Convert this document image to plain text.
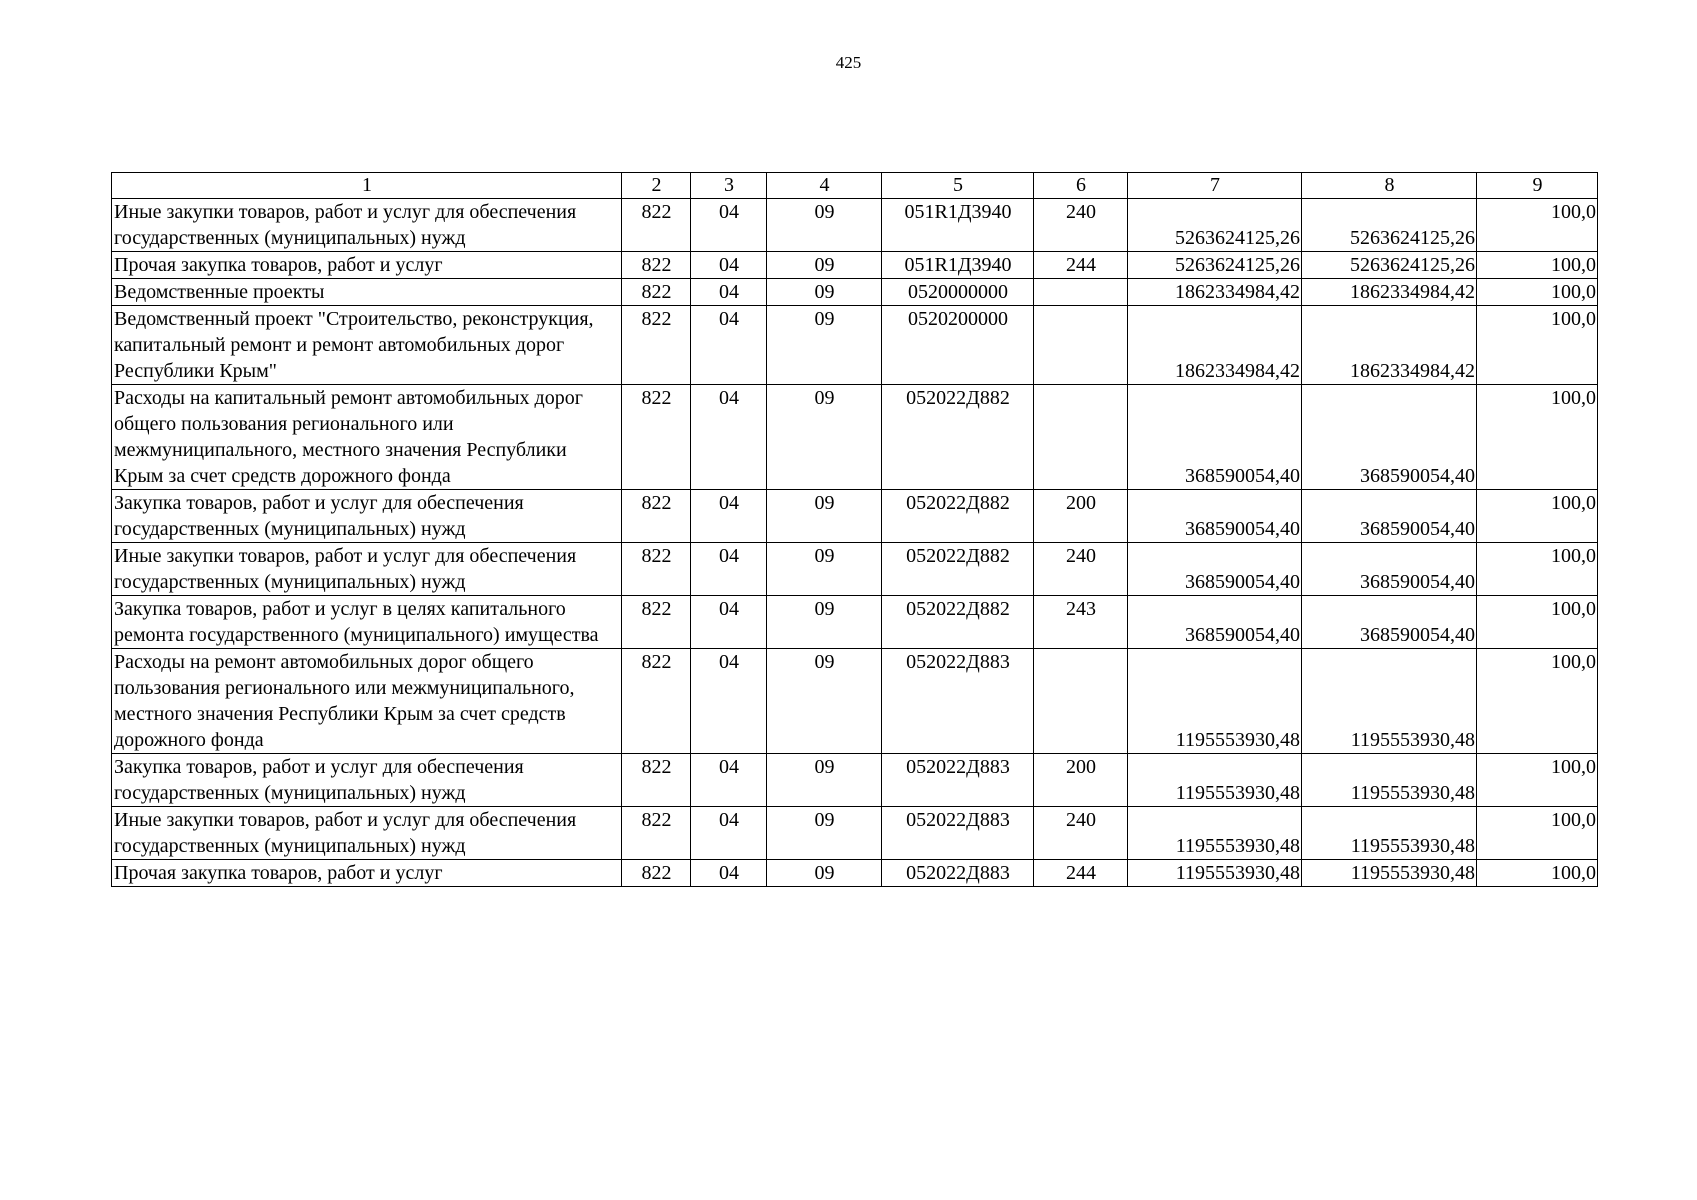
425
1	2	3	4	5	6	7	8	9
Иные закупки товаров, работ и услуг для обеспечения государственных (муниципальных) нужд	822	04	09	051R1Д3940	240	5263624125,26	5263624125,26	100,0
Прочая закупка товаров, работ и услуг	822	04	09	051R1Д3940	244	5263624125,26	5263624125,26	100,0
Ведомственные проекты	822	04	09	0520000000		1862334984,42	1862334984,42	100,0
Ведомственный проект "Строительство, реконструкция, капитальный ремонт и ремонт автомобильных дорог Республики Крым"	822	04	09	0520200000		1862334984,42	1862334984,42	100,0
Расходы на капитальный ремонт автомобильных дорог общего пользования регионального или межмуниципального, местного значения Республики Крым за счет средств дорожного фонда	822	04	09	052022Д882		368590054,40	368590054,40	100,0
Закупка товаров, работ и услуг для обеспечения государственных (муниципальных) нужд	822	04	09	052022Д882	200	368590054,40	368590054,40	100,0
Иные закупки товаров, работ и услуг для обеспечения государственных (муниципальных) нужд	822	04	09	052022Д882	240	368590054,40	368590054,40	100,0
Закупка товаров, работ и услуг в целях капитального ремонта государственного (муниципального) имущества	822	04	09	052022Д882	243	368590054,40	368590054,40	100,0
Расходы на ремонт автомобильных дорог общего пользования регионального или межмуниципального, местного значения Республики Крым за счет средств дорожного фонда	822	04	09	052022Д883		1195553930,48	1195553930,48	100,0
Закупка товаров, работ и услуг для обеспечения государственных (муниципальных) нужд	822	04	09	052022Д883	200	1195553930,48	1195553930,48	100,0
Иные закупки товаров, работ и услуг для обеспечения государственных (муниципальных) нужд	822	04	09	052022Д883	240	1195553930,48	1195553930,48	100,0
Прочая закупка товаров, работ и услуг	822	04	09	052022Д883	244	1195553930,48	1195553930,48	100,0
